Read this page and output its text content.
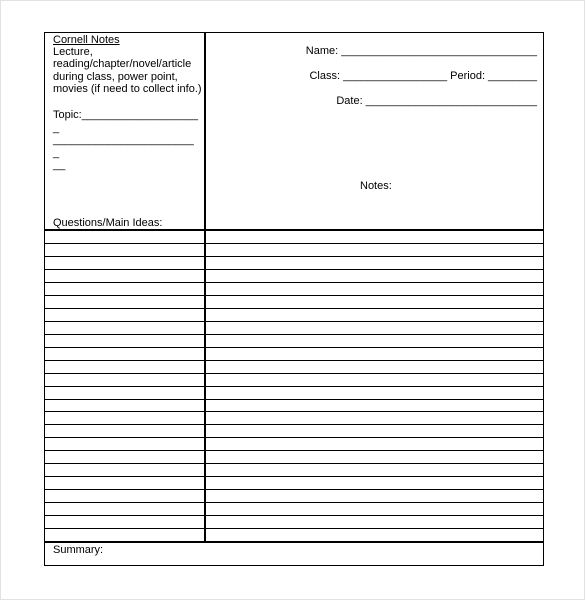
Cornell Notes
Lecture,
reading/chapter/novel/article
during class, power point,
movies (if need to collect info.)
Topic:____________________
________________________
__
Questions/Main Ideas:
Name: ________________________________
Class: _________________ Period: ________
Date: ____________________________
Notes:
Summary:
